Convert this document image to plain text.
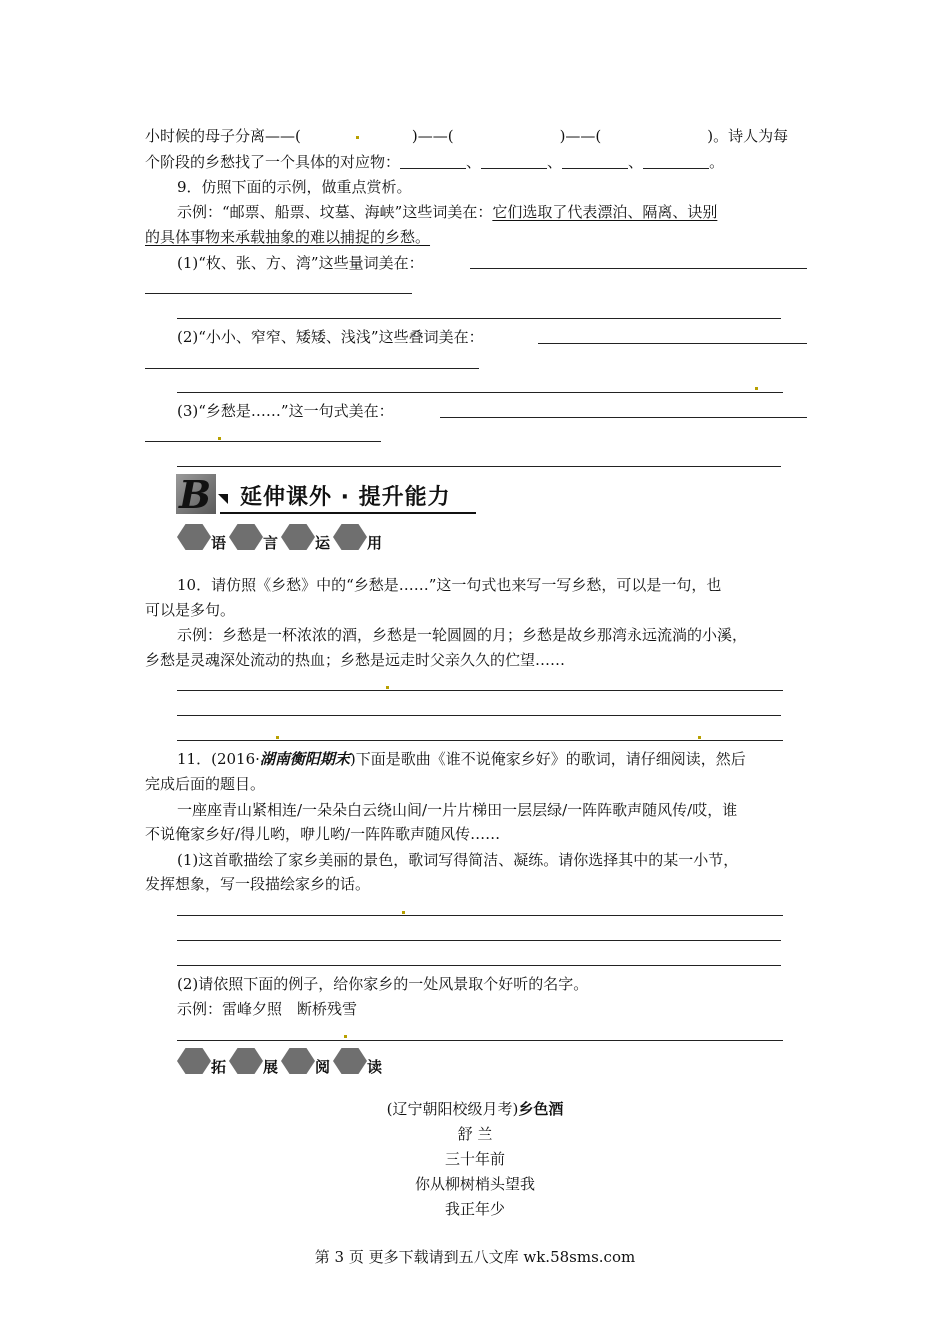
小时候的母子分离——(	)——(	)——(	)。诗人为每
个阶段的乡愁找了一个具体的对应物：	、	、	、	。
9．仿照下面的示例，做重点赏析。
示例：“邮票、船票、坟墓、海峡”这些词美在：它们选取了代表漂泊、隔离、诀别
的具体事物来承载抽象的难以捕捉的乡愁。
(1)“枚、张、方、湾”这些量词美在：
(2)“小小、窄窄、矮矮、浅浅”这些叠词美在：
(3)“乡愁是……”这一句式美在：
B 延伸课外 · 提升能力
语 言 运 用
10．请仿照《乡愁》中的“乡愁是……”这一句式也来写一写乡愁，可以是一句，也
可以是多句。
示例：乡愁是一杯浓浓的酒，乡愁是一轮圆圆的月；乡愁是故乡那湾永远流淌的小溪，
乡愁是灵魂深处流动的热血；乡愁是远走时父亲久久的伫望……
11．(2016·湖南衡阳期末)下面是歌曲《谁不说俺家乡好》的歌词，请仔细阅读，然后
完成后面的题目。
一座座青山紧相连/一朵朵白云绕山间/一片片梯田一层层绿/一阵阵歌声随风传/哎，谁
不说俺家乡好/得儿哟，咿儿哟/一阵阵歌声随风传……
(1)这首歌描绘了家乡美丽的景色，歌词写得简洁、凝练。请你选择其中的某一小节，
发挥想象，写一段描绘家乡的话。
(2)请依照下面的例子，给你家乡的一处风景取个好听的名字。
示例：雷峰夕照　断桥残雪
拓 展 阅 读
(辽宁朝阳校级月考)乡色酒
舒 兰
三十年前
你从柳树梢头望我
我正年少
第 3 页 更多下载请到五八文库 wk.58sms.com
